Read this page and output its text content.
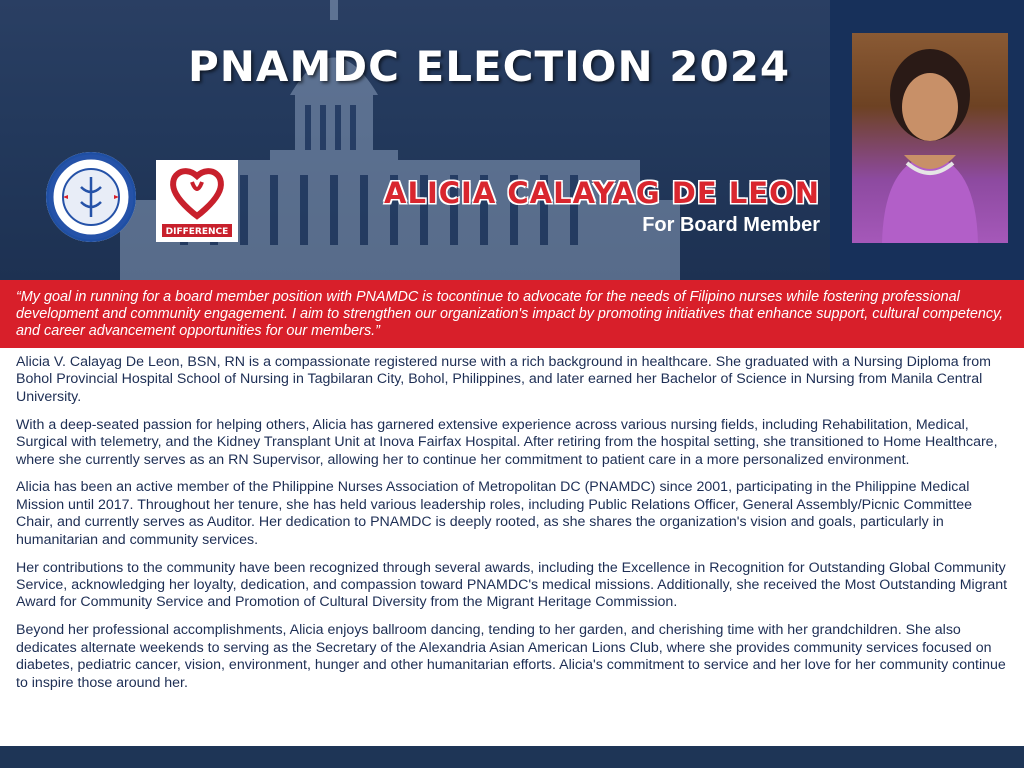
PNAMDC ELECTION 2024
DIFFERENCE
ALICIA CALAYAG DE LEON
For Board Member

“My goal in running for a board member position with PNAMDC is tocontinue to advocate for the needs of Filipino nurses while fostering professional development and community engagement. I aim to strengthen our organization's impact by promoting initiatives that enhance support, cultural competency, and career advancement opportunities for our members.”

Alicia V. Calayag De Leon, BSN, RN is a compassionate registered nurse with a rich background in healthcare. She graduated with a Nursing Diploma from Bohol Provincial Hospital School of Nursing in Tagbilaran City, Bohol, Philippines, and later earned her Bachelor of Science in Nursing from Manila Central University.

With a deep-seated passion for helping others, Alicia has garnered extensive experience across various nursing fields, including Rehabilitation, Medical, Surgical with telemetry, and the Kidney Transplant Unit at Inova Fairfax Hospital. After retiring from the hospital setting, she transitioned to Home Healthcare, where she currently serves as an RN Supervisor, allowing her to continue her commitment to patient care in a more personalized environment.

Alicia has been an active member of the Philippine Nurses Association of Metropolitan DC (PNAMDC) since 2001, participating in the Philippine Medical Mission until 2017. Throughout her tenure, she has held various leadership roles, including Public Relations Officer, General Assembly/Picnic Committee Chair, and currently serves as Auditor. Her dedication to PNAMDC is deeply rooted, as she shares the organization's vision and goals, particularly in humanitarian and community services.

Her contributions to the community have been recognized through several awards, including the Excellence in Recognition for Outstanding Global Community Service, acknowledging her loyalty, dedication, and compassion toward PNAMDC's medical missions. Additionally, she received the Most Outstanding Migrant Award for Community Service and Promotion of Cultural Diversity from the Migrant Heritage Commission.

Beyond her professional accomplishments, Alicia enjoys ballroom dancing, tending to her garden, and cherishing time with her grandchildren. She also dedicates alternate weekends to serving as the Secretary of the Alexandria Asian American Lions Club, where she provides community services focused on diabetes, pediatric cancer, vision, environment, hunger and other humanitarian efforts. Alicia's commitment to service and her love for her community continue to inspire those around her.
